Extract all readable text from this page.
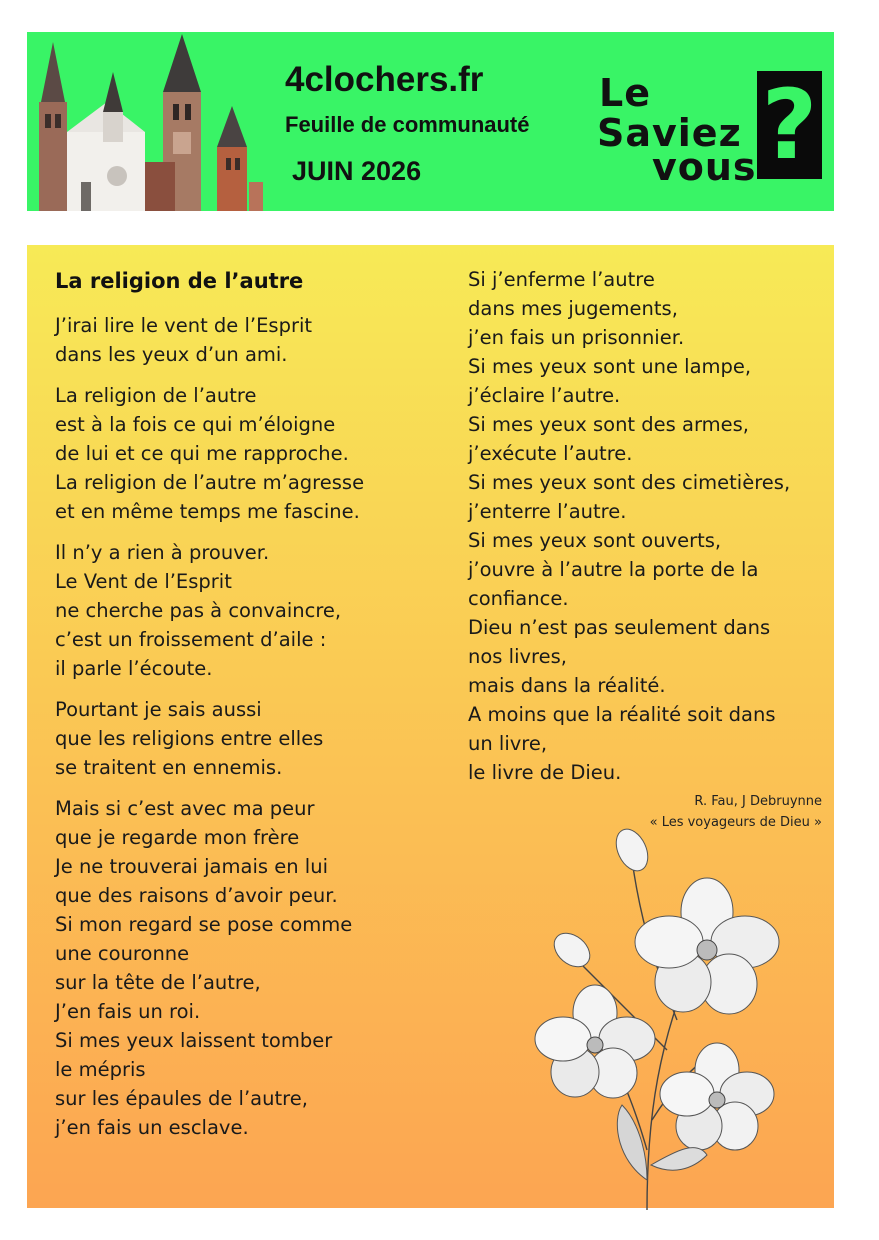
4clochers.fr
Feuille de communauté
JUIN 2026
Le
Saviez
vous ?
La religion de l’autre
J’irai lire le vent de l’Esprit
dans les yeux d’un ami.
La religion de l’autre
est à la fois ce qui m’éloigne
de lui et ce qui me rapproche.
La religion de l’autre m’agresse
et en même temps me fascine.
Il n’y a rien à prouver.
Le Vent de l’Esprit
ne cherche pas à convaincre,
c’est un froissement d’aile :
il parle l’écoute.
Pourtant je sais aussi
que les religions entre elles
se traitent en ennemis.
Mais si c’est avec ma peur
que je regarde mon frère
Je ne trouverai jamais en lui
que des raisons d’avoir peur.
Si mon regard se pose comme
une couronne
sur la tête de l’autre,
J’en fais un roi.
Si mes yeux laissent tomber
le mépris
sur les épaules de l’autre,
j’en fais un esclave.
Si j’enferme l’autre
dans mes jugements,
j’en fais un prisonnier.
Si mes yeux sont une lampe,
j’éclaire l’autre.
Si mes yeux sont des armes,
j’exécute l’autre.
Si mes yeux sont des cimetières,
j’enterre l’autre.
Si mes yeux sont ouverts,
j’ouvre à l’autre la porte de la
confiance.
Dieu n’est pas seulement dans
nos livres,
mais dans la réalité.
A moins que la réalité soit dans
un livre,
le livre de Dieu.
R. Fau, J Debruynne
« Les voyageurs de Dieu »
